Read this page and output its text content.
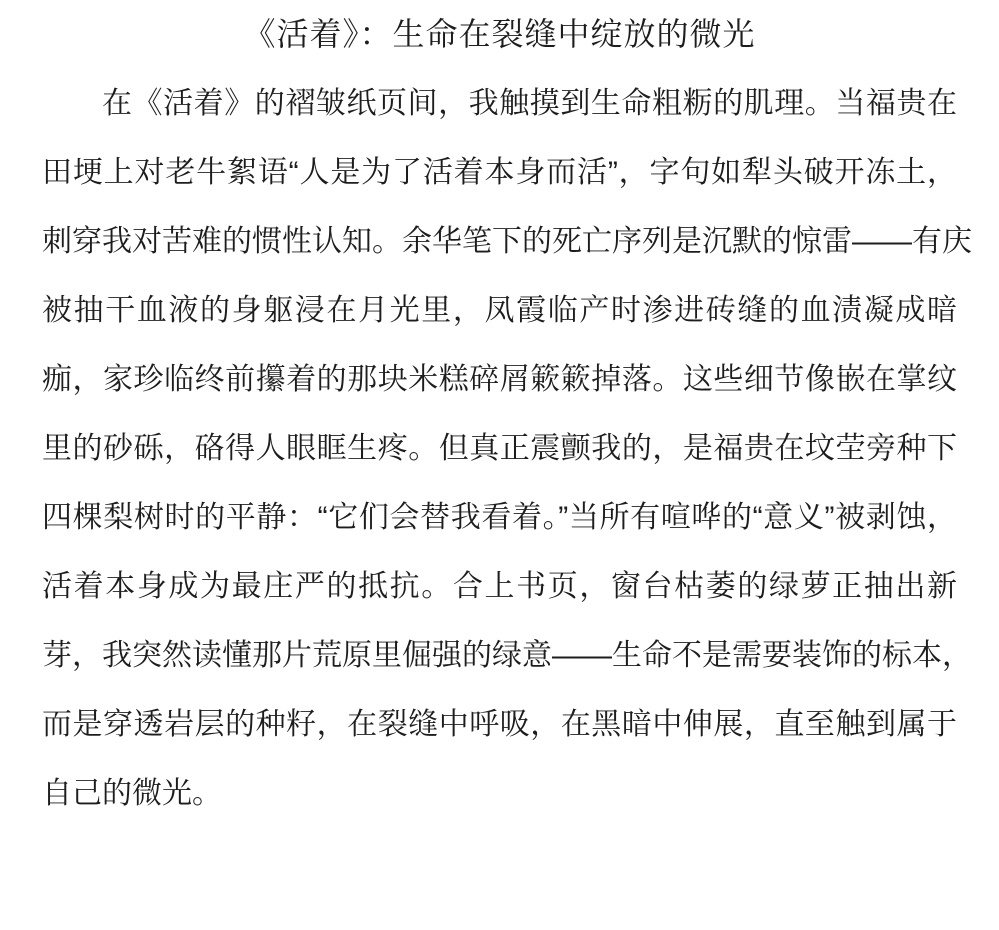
《活着》：生命在裂缝中绽放的微光
在《活着》的褶皱纸页间，我触摸到生命粗粝的肌理。当福贵在
田埂上对老牛絮语“人是为了活着本身而活”，字句如犁头破开冻土，
刺穿我对苦难的惯性认知。余华笔下的死亡序列是沉默的惊雷——有庆
被抽干血液的身躯浸在月光里，凤霞临产时渗进砖缝的血渍凝成暗
痂，家珍临终前攥着的那块米糕碎屑簌簌掉落。这些细节像嵌在掌纹
里的砂砾，硌得人眼眶生疼。但真正震颤我的，是福贵在坟茔旁种下
四棵梨树时的平静：“它们会替我看着。”当所有喧哗的“意义”被剥蚀，
活着本身成为最庄严的抵抗。合上书页，窗台枯萎的绿萝正抽出新
芽，我突然读懂那片荒原里倔强的绿意——生命不是需要装饰的标本，
而是穿透岩层的种籽，在裂缝中呼吸，在黑暗中伸展，直至触到属于
自己的微光。
